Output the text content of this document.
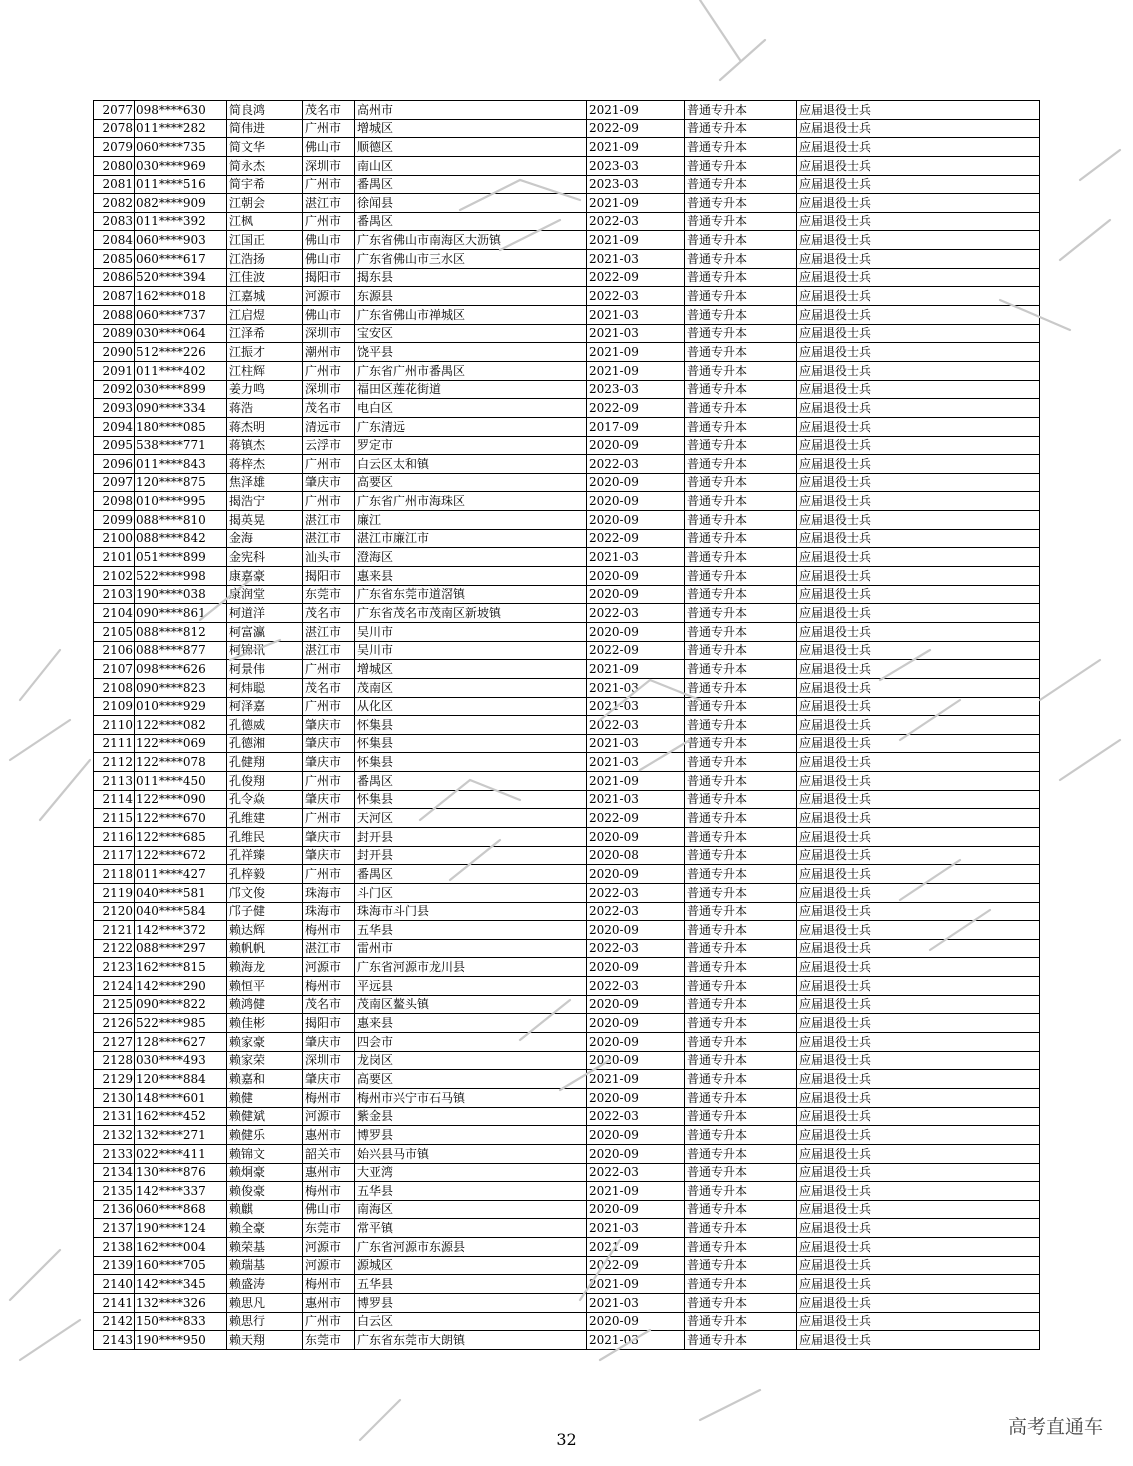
2077	098****630	简良鸿	茂名市	高州市	2021-09	普通专升本	应届退役士兵
2078	011****282	简伟进	广州市	增城区	2022-09	普通专升本	应届退役士兵
2079	060****735	简文华	佛山市	顺德区	2021-09	普通专升本	应届退役士兵
2080	030****969	简永杰	深圳市	南山区	2023-03	普通专升本	应届退役士兵
2081	011****516	简宇希	广州市	番禺区	2023-03	普通专升本	应届退役士兵
2082	082****909	江朝会	湛江市	徐闻县	2021-09	普通专升本	应届退役士兵
2083	011****392	江枫	广州市	番禺区	2022-03	普通专升本	应届退役士兵
2084	060****903	江国正	佛山市	广东省佛山市南海区大沥镇	2021-09	普通专升本	应届退役士兵
2085	060****617	江浩扬	佛山市	广东省佛山市三水区	2021-03	普通专升本	应届退役士兵
2086	520****394	江佳波	揭阳市	揭东县	2022-09	普通专升本	应届退役士兵
2087	162****018	江嘉城	河源市	东源县	2022-03	普通专升本	应届退役士兵
2088	060****737	江启煜	佛山市	广东省佛山市禅城区	2021-03	普通专升本	应届退役士兵
2089	030****064	江泽希	深圳市	宝安区	2021-03	普通专升本	应届退役士兵
2090	512****226	江振才	潮州市	饶平县	2021-09	普通专升本	应届退役士兵
2091	011****402	江柱辉	广州市	广东省广州市番禺区	2021-09	普通专升本	应届退役士兵
2092	030****899	姜力鸣	深圳市	福田区莲花街道	2023-03	普通专升本	应届退役士兵
2093	090****334	蒋浩	茂名市	电白区	2022-09	普通专升本	应届退役士兵
2094	180****085	蒋杰明	清远市	广东清远	2017-09	普通专升本	应届退役士兵
2095	538****771	蒋镇杰	云浮市	罗定市	2020-09	普通专升本	应届退役士兵
2096	011****843	蒋梓杰	广州市	白云区太和镇	2022-03	普通专升本	应届退役士兵
2097	120****875	焦泽雄	肇庆市	高要区	2020-09	普通专升本	应届退役士兵
2098	010****995	揭浩宁	广州市	广东省广州市海珠区	2020-09	普通专升本	应届退役士兵
2099	088****810	揭英晃	湛江市	廉江	2020-09	普通专升本	应届退役士兵
2100	088****842	金海	湛江市	湛江市廉江市	2022-09	普通专升本	应届退役士兵
2101	051****899	金宪科	汕头市	澄海区	2021-03	普通专升本	应届退役士兵
2102	522****998	康嘉豪	揭阳市	惠来县	2020-09	普通专升本	应届退役士兵
2103	190****038	康润堂	东莞市	广东省东莞市道滘镇	2020-09	普通专升本	应届退役士兵
2104	090****861	柯道洋	茂名市	广东省茂名市茂南区新坡镇	2022-03	普通专升本	应届退役士兵
2105	088****812	柯富瀛	湛江市	吴川市	2020-09	普通专升本	应届退役士兵
2106	088****877	柯锦讯	湛江市	吴川市	2022-09	普通专升本	应届退役士兵
2107	098****626	柯景伟	广州市	增城区	2021-09	普通专升本	应届退役士兵
2108	090****823	柯炜聪	茂名市	茂南区	2021-03	普通专升本	应届退役士兵
2109	010****929	柯泽嘉	广州市	从化区	2021-03	普通专升本	应届退役士兵
2110	122****082	孔德威	肇庆市	怀集县	2022-03	普通专升本	应届退役士兵
2111	122****069	孔德湘	肇庆市	怀集县	2021-03	普通专升本	应届退役士兵
2112	122****078	孔健翔	肇庆市	怀集县	2021-03	普通专升本	应届退役士兵
2113	011****450	孔俊翔	广州市	番禺区	2021-09	普通专升本	应届退役士兵
2114	122****090	孔令焱	肇庆市	怀集县	2021-03	普通专升本	应届退役士兵
2115	122****670	孔维建	广州市	天河区	2022-09	普通专升本	应届退役士兵
2116	122****685	孔维民	肇庆市	封开县	2020-09	普通专升本	应届退役士兵
2117	122****672	孔祥臻	肇庆市	封开县	2020-08	普通专升本	应届退役士兵
2118	011****427	孔梓毅	广州市	番禺区	2020-09	普通专升本	应届退役士兵
2119	040****581	邝文俊	珠海市	斗门区	2022-03	普通专升本	应届退役士兵
2120	040****584	邝子健	珠海市	珠海市斗门县	2022-03	普通专升本	应届退役士兵
2121	142****372	赖达辉	梅州市	五华县	2020-09	普通专升本	应届退役士兵
2122	088****297	赖帆帆	湛江市	雷州市	2022-03	普通专升本	应届退役士兵
2123	162****815	赖海龙	河源市	广东省河源市龙川县	2020-09	普通专升本	应届退役士兵
2124	142****290	赖恒平	梅州市	平远县	2022-03	普通专升本	应届退役士兵
2125	090****822	赖鸿健	茂名市	茂南区鳌头镇	2020-09	普通专升本	应届退役士兵
2126	522****985	赖佳彬	揭阳市	惠来县	2020-09	普通专升本	应届退役士兵
2127	128****627	赖家豪	肇庆市	四会市	2020-09	普通专升本	应届退役士兵
2128	030****493	赖家荣	深圳市	龙岗区	2020-09	普通专升本	应届退役士兵
2129	120****884	赖嘉和	肇庆市	高要区	2021-09	普通专升本	应届退役士兵
2130	148****601	赖健	梅州市	梅州市兴宁市石马镇	2020-09	普通专升本	应届退役士兵
2131	162****452	赖健斌	河源市	紫金县	2022-03	普通专升本	应届退役士兵
2132	132****271	赖健乐	惠州市	博罗县	2020-09	普通专升本	应届退役士兵
2133	022****411	赖锦文	韶关市	始兴县马市镇	2020-09	普通专升本	应届退役士兵
2134	130****876	赖炯豪	惠州市	大亚湾	2022-03	普通专升本	应届退役士兵
2135	142****337	赖俊豪	梅州市	五华县	2021-09	普通专升本	应届退役士兵
2136	060****868	赖麒	佛山市	南海区	2020-09	普通专升本	应届退役士兵
2137	190****124	赖全豪	东莞市	常平镇	2021-03	普通专升本	应届退役士兵
2138	162****004	赖荣基	河源市	广东省河源市东源县	2021-09	普通专升本	应届退役士兵
2139	160****705	赖瑞基	河源市	源城区	2022-09	普通专升本	应届退役士兵
2140	142****345	赖盛涛	梅州市	五华县	2021-09	普通专升本	应届退役士兵
2141	132****326	赖思凡	惠州市	博罗县	2021-03	普通专升本	应届退役士兵
2142	150****833	赖思行	广州市	白云区	2020-09	普通专升本	应届退役士兵
2143	190****950	赖天翔	东莞市	广东省东莞市大朗镇	2021-03	普通专升本	应届退役士兵
32
高考直通车
